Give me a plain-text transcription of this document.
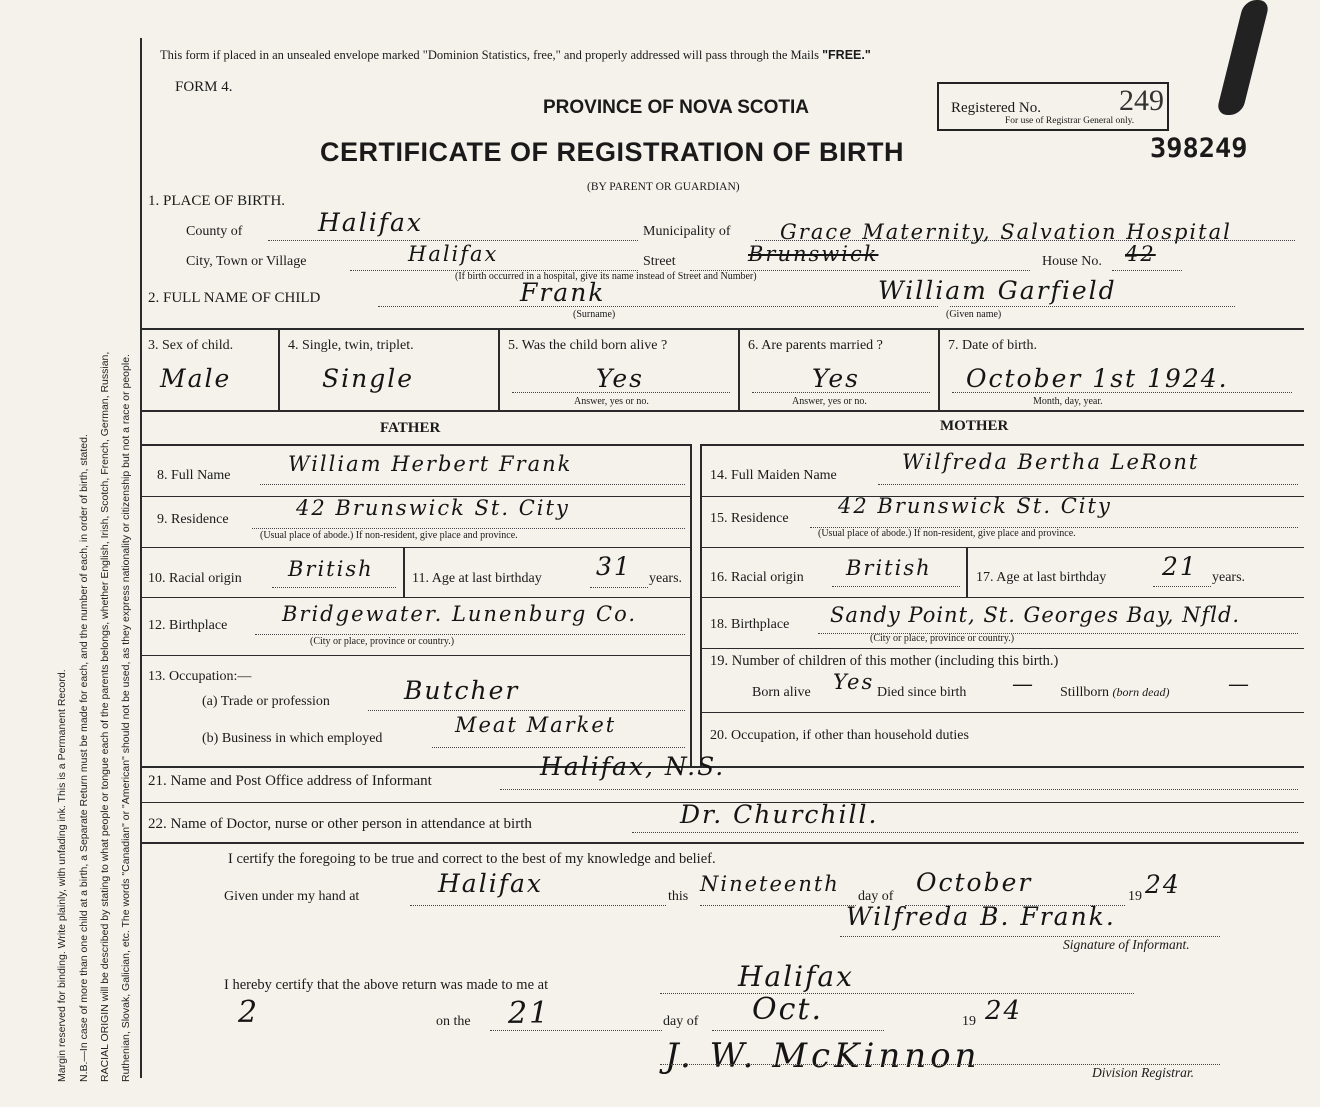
Margin reserved for binding. Write plainly, with unfading ink. This is a Permanent Record. N.B.—In case of more than one child at a birth, a Separate Return must be made for each, and the number of each, in order of birth, stated. RACIAL ORIGIN will be described by stating to what people or tongue each of the parents belongs, whether English, Irish, Scotch, French, German, Russian, Ruthenian, Slovak, Galician, etc. The words "Canadian" or "American" should not be used, as they express nationality or citizenship but not a race or people.
This form if placed in an unsealed envelope marked "Dominion Statistics, free," and properly addressed will pass through the Mails "FREE."
FORM 4.
PROVINCE OF NOVA SCOTIA
CERTIFICATE OF REGISTRATION OF BIRTH
(BY PARENT OR GUARDIAN)
Registered No.	249
For use of Registrar General only.
398249
1. PLACE OF BIRTH.
County of	Halifax	Municipality of Grace Maternity, Salvation Hospital
City, Town or Village	Halifax	Street	Brunswick	House No. 42
(If birth occurred in a hospital, give its name instead of Street and Number)
2. FULL NAME OF CHILD	Frank	William Garfield
(Surname)	(Given name)
3. Sex of child.
Male
4. Single, twin, triplet.
Single
5. Was the child born alive ?
Yes
Answer, yes or no.
6. Are parents married ?
Yes
Answer, yes or no.
7. Date of birth.
October 1st 1924.
Month, day, year.
FATHER	MOTHER
8. Full Name	William Herbert Frank
9. Residence	42 Brunswick St. City
(Usual place of abode.) If non-resident, give place and province.
10. Racial origin British	11. Age at last birthday 31 years.
12. Birthplace	Bridgewater. Lunenburg Co.
(City or place, province or country.)
13. Occupation:—
(a) Trade or profession	Butcher
(b) Business in which employed
Meat Market
14. Full Maiden Name
Wilfreda Bertha LeRont
15. Residence
42 Brunswick St. City
(Usual place of abode.) If non-resident, give place and province.
16. Racial origin British	17. Age at last birthday 21 years.
18. Birthplace Sandy Point, St. Georges Bay, Nfld.
(City or place, province or country.)
19. Number of children of this mother (including this birth.)
Born alive Yes Died since birth — Stillborn (born dead)	—
20. Occupation, if other than household duties
21. Name and Post Office address of Informant	Halifax, N.S.
22. Name of Doctor, nurse or other person in attendance at birth	Dr. Churchill.
I certify the foregoing to be true and correct to the best of my knowledge and belief.
Given under my hand at	Halifax	this
Nineteenth
day of October	19 24
Wilfreda B. Frank.
Signature of Informant.
I hereby certify that the above return was made to me at	Halifax
2	on the 21	day of Oct.	19 24
J. W. McKinnon	Division Registrar.
